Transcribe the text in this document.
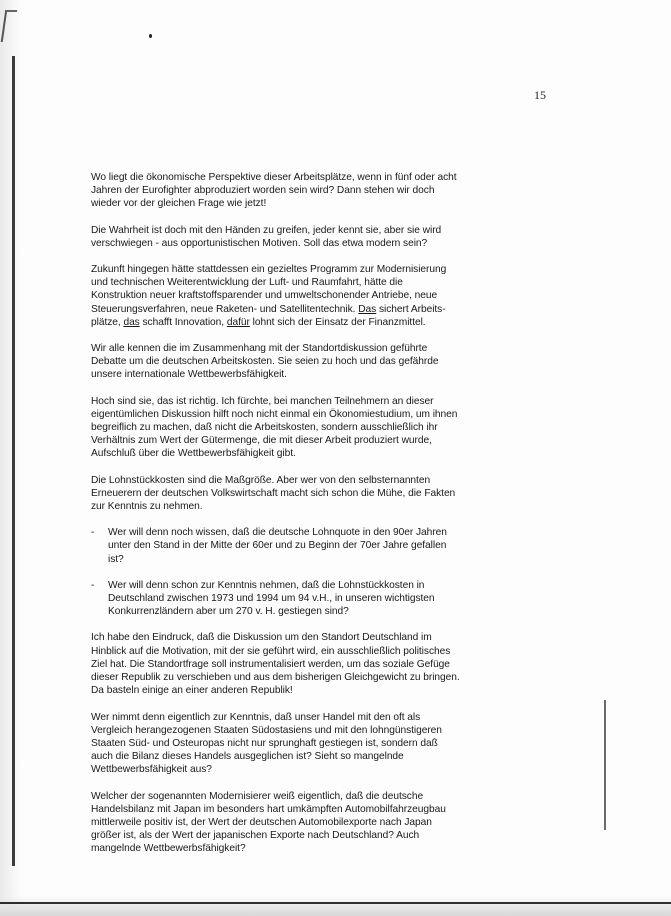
15

Wo liegt die ökonomische Perspektive dieser Arbeitsplätze, wenn in fünf oder acht
Jahren der Eurofighter abproduziert worden sein wird? Dann stehen wir doch
wieder vor der gleichen Frage wie jetzt!

Die Wahrheit ist doch mit den Händen zu greifen, jeder kennt sie, aber sie wird
verschwiegen - aus opportunistischen Motiven. Soll das etwa modern sein?

Zukunft hingegen hätte stattdessen ein gezieltes Programm zur Modernisierung
und technischen Weiterentwicklung der Luft- und Raumfahrt, hätte die
Konstruktion neuer kraftstoffsparender und umweltschonender Antriebe, neue
Steuerungsverfahren, neue Raketen- und Satellitentechnik. Das sichert Arbeits-
plätze, das schafft Innovation, dafür lohnt sich der Einsatz der Finanzmittel.

Wir alle kennen die im Zusammenhang mit der Standortdiskussion geführte
Debatte um die deutschen Arbeitskosten. Sie seien zu hoch und das gefährde
unsere internationale Wettbewerbsfähigkeit.

Hoch sind sie, das ist richtig. Ich fürchte, bei manchen Teilnehmern an dieser
eigentümlichen Diskussion hilft noch nicht einmal ein Ökonomiestudium, um ihnen
begreiflich zu machen, daß nicht die Arbeitskosten, sondern ausschließlich ihr
Verhältnis zum Wert der Gütermenge, die mit dieser Arbeit produziert wurde,
Aufschluß über die Wettbewerbsfähigkeit gibt.

Die Lohnstückkosten sind die Maßgröße. Aber wer von den selbsternannten
Erneuerern der deutschen Volkswirtschaft macht sich schon die Mühe, die Fakten
zur Kenntnis zu nehmen.

-	Wer will denn noch wissen, daß die deutsche Lohnquote in den 90er Jahren
unter den Stand in der Mitte der 60er und zu Beginn der 70er Jahre gefallen
ist?
-	Wer will denn schon zur Kenntnis nehmen, daß die Lohnstückkosten in
Deutschland zwischen 1973 und 1994 um 94 v.H., in unseren wichtigsten
Konkurrenzländern aber um 270 v. H. gestiegen sind?

Ich habe den Eindruck, daß die Diskussion um den Standort Deutschland im
Hinblick auf die Motivation, mit der sie geführt wird, ein ausschließlich politisches
Ziel hat. Die Standortfrage soll instrumentalisiert werden, um das soziale Gefüge
dieser Republik zu verschieben und aus dem bisherigen Gleichgewicht zu bringen.
Da basteln einige an einer anderen Republik!

Wer nimmt denn eigentlich zur Kenntnis, daß unser Handel mit den oft als
Vergleich herangezogenen Staaten Südostasiens und mit den lohngünstigeren
Staaten Süd- und Osteuropas nicht nur sprunghaft gestiegen ist, sondern daß
auch die Bilanz dieses Handels ausgeglichen ist? Sieht so mangelnde
Wettbewerbsfähigkeit aus?

Welcher der sogenannten Modernisierer weiß eigentlich, daß die deutsche
Handelsbilanz mit Japan im besonders hart umkämpften Automobilfahrzeugbau
mittlerweile positiv ist, der Wert der deutschen Automobilexporte nach Japan
größer ist, als der Wert der japanischen Exporte nach Deutschland? Auch
mangelnde Wettbewerbsfähigkeit?
